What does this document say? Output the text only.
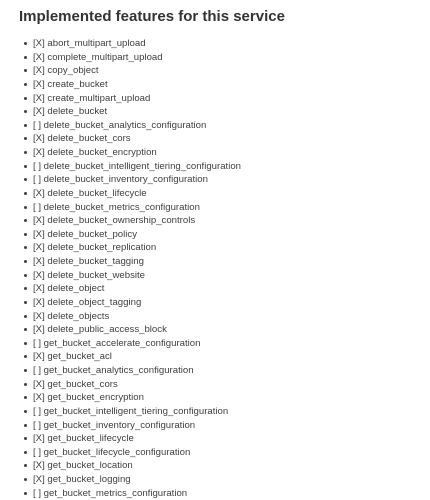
Implemented features for this service
[X] abort_multipart_upload
[X] complete_multipart_upload
[X] copy_object
[X] create_bucket
[X] create_multipart_upload
[X] delete_bucket
[ ] delete_bucket_analytics_configuration
[X] delete_bucket_cors
[X] delete_bucket_encryption
[ ] delete_bucket_intelligent_tiering_configuration
[ ] delete_bucket_inventory_configuration
[X] delete_bucket_lifecycle
[ ] delete_bucket_metrics_configuration
[X] delete_bucket_ownership_controls
[X] delete_bucket_policy
[X] delete_bucket_replication
[X] delete_bucket_tagging
[X] delete_bucket_website
[X] delete_object
[X] delete_object_tagging
[X] delete_objects
[X] delete_public_access_block
[ ] get_bucket_accelerate_configuration
[X] get_bucket_acl
[ ] get_bucket_analytics_configuration
[X] get_bucket_cors
[X] get_bucket_encryption
[ ] get_bucket_intelligent_tiering_configuration
[ ] get_bucket_inventory_configuration
[X] get_bucket_lifecycle
[ ] get_bucket_lifecycle_configuration
[X] get_bucket_location
[X] get_bucket_logging
[ ] get_bucket_metrics_configuration
